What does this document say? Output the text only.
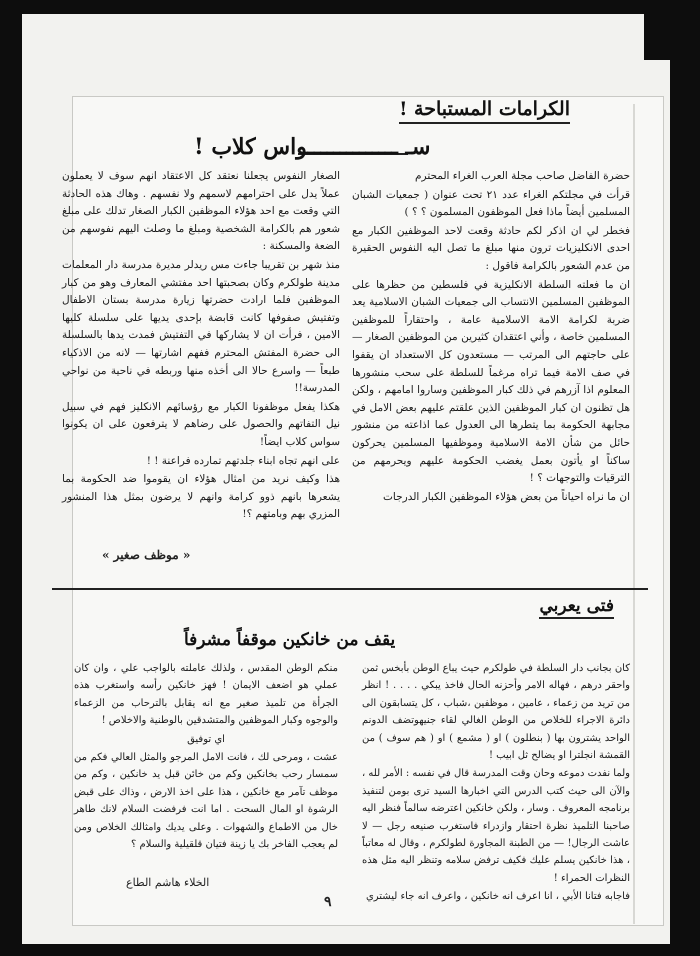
الكرامات المستباحة !
سـ ــــــــــــــواس كلاب !

حضرة الفاضل صاحب مجلة العرب الغراء المحترم

قرأت في مجلتكم الغراء عدد ٢١ تحت عنوان ( جمعيات الشبان المسلمين أيضاً ماذا فعل الموظفون المسلمون ؟ ؟ )

فخطر لي ان اذكر لكم حادثة وقعت لاحد الموظفين الكبار مع احدى الانكليزيات ترون منها مبلغ ما تصل اليه النفوس الحقيرة من عدم الشعور بالكرامة فاقول :

ان ما فعلته السلطة الانكليزية في فلسطين من حظرها على الموظفين المسلمين الانتساب الى جمعيات الشبان الاسلامية يعد ضربة لكرامة الامة الاسلامية عامة ، واحتقاراً للموظفين المسلمين خاصة ، وأني اعتقدان كثيرين من الموظفين الصغار — على حاجتهم الى المرتب — مستعدون كل الاستعداد ان يقفوا في صف الامة فيما تراه مرغماً للسلطة على سحب منشورها المعلوم اذا آزرهم في ذلك كبار الموظفين وساروا امامهم ، ولكن هل تظنون ان كبار الموظفين الذين علقتم عليهم بعض الامل في مجابهة الحكومة بما يتطرها الى العدول عما اذاعته من منشور حائل من شأن الامة الاسلامية وموظفيها المسلمين يحركون ساكناً او يأتون بعمل يغضب الحكومة عليهم ويحرمهم من الترقيات والتوجهات ؟ !

ان ما نراه احياناً من بعض هؤلاء الموظفين الكبار الدرجات

الصغار النفوس يجعلنا نعتقد كل الاعتقاد انهم سوف لا يعملون عملاً يدل على احترامهم لاسمهم ولا نفسهم . وهاك هذه الحادثة التي وقعت مع احد هؤلاء الموظفين الكبار الصغار تدلك على مبلغ شعور هم بالكرامة الشخصية ومبلغ ما وصلت اليهم نفوسهم من الضعة والمسكنة :

منذ شهر بن تقريبا جاءت مس ريدلر مديرة مدرسة دار المعلمات مدينة طولكرم وكان بصحبتها احد مفتشي المعارف وهو من كبار الموظفين فلما ارادت حضرتها زيارة مدرسة بستان الاطفال وتفتيش صفوفها كانت قابضة بإحدى يديها على سلسلة كلبها الامين ، فرأت ان لا يشاركها في التفتيش فمدت يدها بالسلسلة الى حضرة المفتش المحترم ففهم اشارتها — لانه من الاذكياء طبعاً — واسرع حالا الى أخذه منها وربطه في ناحية من نواحي المدرسة!!

هكذا يفعل موظفونا الكبار مع رؤسائهم الانكليز فهم في سبيل نيل التفاتهم والحصول على رضاهم لا يترفعون على ان يكونوا سواس كلاب ايضاً!

على انهم تجاه ابناء جلدتهم تمارده فراعنة ! !

هذا وكيف نريد من امثال هؤلاء ان يقوموا ضد الحكومة بما يشعرها بانهم ذوو كرامة وانهم لا يرضون بمثل هذا المنشور المزري بهم وبامتهم ؟!

« موظف صغير »
فتى يعربي
يقف من خانكين موقفاً مشرفاً

كان بجانب دار السلطة في طولكرم حيث يباع الوطن بأبخس ثمن واحقر درهم ، فهاله الامر وأحزنه الحال فاخذ يبكي . . . . ! انظر من تريد من زعماء ، عامين ، موظفين ،شباب ، كل يتسابقون الى دائرة الاجراء للخلاص من الوطن الغالي لقاء جنيهوتضف الدونم الواحد يشترون بها ( بنطلون ) او ( مشمع ) او ( هم سوف ) من القمشة انجلترا او يضالح ثل ابيب !

ولما نفدت دموعه وحان وقت المدرسة قال في نفسه : الأمر لله ، والآن الى حيث كتب الدرس التي اخبارها السيد ترى بومن لتنفيذ برنامجه المعروف . وسار ، ولكن خانكين اعترضه سالماً فنظر اليه صاحبنا التلميذ نظرة احتقار وازدراء فاستغرب صنيعه رجل — لا عاشت الرجال! — من الطبنة المجاورة لطولكرم ، وقال له معاتباً ، هذا خانكين يسلم عليك فكيف ترفض سلامه وتنظر اليه مثل هذه النظرات الحمراء !

فاجابه فتانا الأبي ، انا اعرف انه خانكين ، واعرف انه جاء ليشتري

منكم الوطن المقدس ، ولذلك عاملته بالواجب علي ، وان كان عملي هو اضعف الايمان ! فهز خانكين رأسه واستغرب هذه الجرأة من تلميذ صغير مع انه يقابل بالترحاب من الزعماء والوجوه وكبار الموظفين والمتشدقين بالوطنية والاخلاص !

اي توفيق

عشت ، ومرحى لك ، فانت الامل المرجو والمثل العالي فكم من سمسار رحب بخانكين وكم من خائن قبل يد خانكين ، وكم من موظف تآمر مع خانكين ، هذا على اخذ الارض ، وذاك على قبض الرشوة او المال السحت . اما انت فرفضت السلام لانك طاهر خال من الاطماع والشهوات . وعلى يديك وامثالك الخلاص ومن لم يعجب الفاخر بك يا زينة فتيان قلقيلية والسلام ؟

الخلاء هاشم الطاع
٩
